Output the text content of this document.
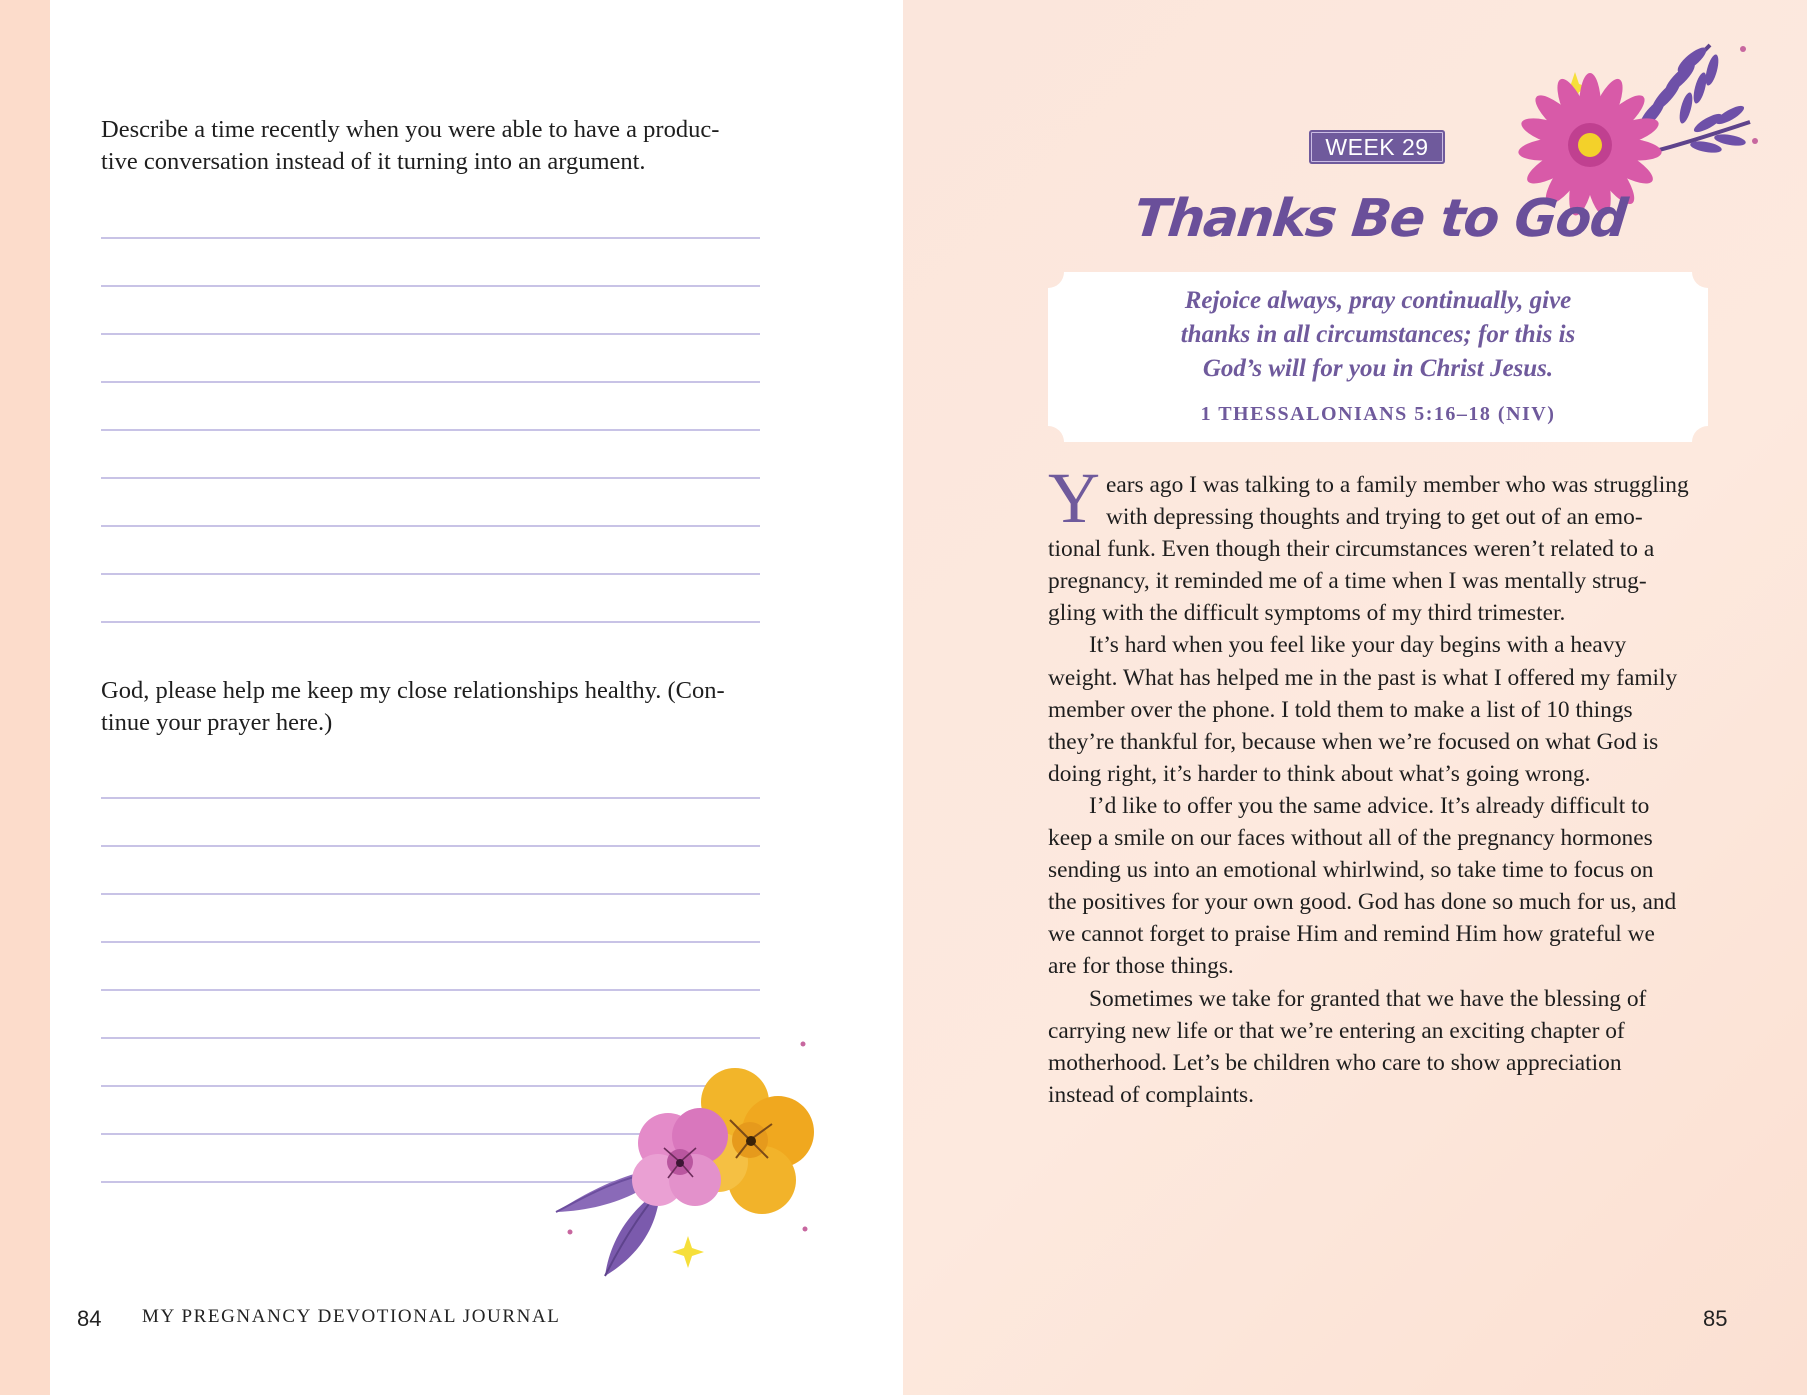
Describe a time recently when you were able to have a produc-
tive conversation instead of it turning into an argument.

God, please help me keep my close relationships healthy. (Con-
tinue your prayer here.)

84 MY PREGNANCY DEVOTIONAL JOURNAL
WEEK 29
Thanks Be to God

Rejoice always, pray continually, give
thanks in all circumstances; for this is
God’s will for you in Christ Jesus.

1 THESSALONIANS 5:16–18 (NIV)

Years ago I was talking to a family member who was struggling
with depressing thoughts and trying to get out of an emo-
tional funk. Even though their circumstances weren’t related to a
pregnancy, it reminded me of a time when I was mentally strug-
gling with the difficult symptoms of my third trimester.

It’s hard when you feel like your day begins with a heavy
weight. What has helped me in the past is what I offered my family
member over the phone. I told them to make a list of 10 things
they’re thankful for, because when we’re focused on what God is
doing right, it’s harder to think about what’s going wrong.

I’d like to offer you the same advice. It’s already difficult to
keep a smile on our faces without all of the pregnancy hormones
sending us into an emotional whirlwind, so take time to focus on
the positives for your own good. God has done so much for us, and
we cannot forget to praise Him and remind Him how grateful we
are for those things.

Sometimes we take for granted that we have the blessing of
carrying new life or that we’re entering an exciting chapter of
motherhood. Let’s be children who care to show appreciation
instead of complaints.

85
